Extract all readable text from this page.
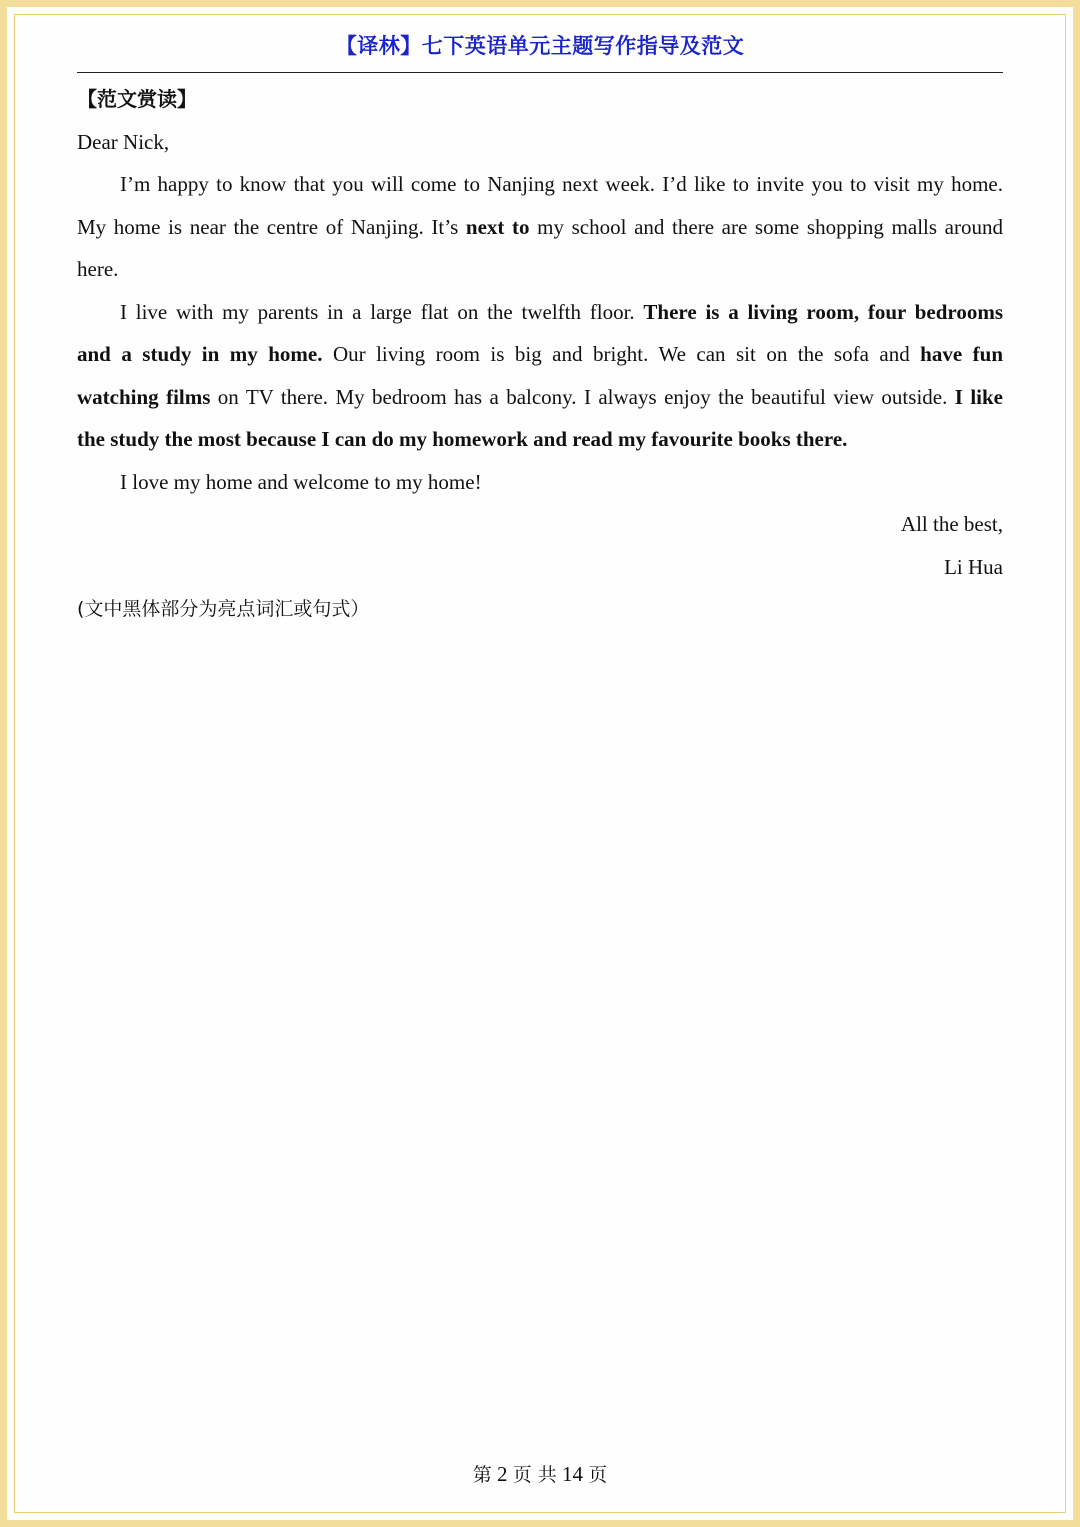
【译林】七下英语单元主题写作指导及范文
【范文赏读】
Dear Nick,
I’m happy to know that you will come to Nanjing next week. I’d like to invite you to visit my home.
My home is near the centre of Nanjing. It’s next to my school and there are some shopping malls around
here.
I live with my parents in a large flat on the twelfth floor. There is a living room, four bedrooms
and a study in my home. Our living room is big and bright. We can sit on the sofa and have fun
watching films on TV there. My bedroom has a balcony. I always enjoy the beautiful view outside. I like
the study the most because I can do my homework and read my favourite books there.
I love my home and welcome to my home!
All the best,
Li Hua
(文中黑体部分为亮点词汇或句式）
第 2 页 共 14 页
